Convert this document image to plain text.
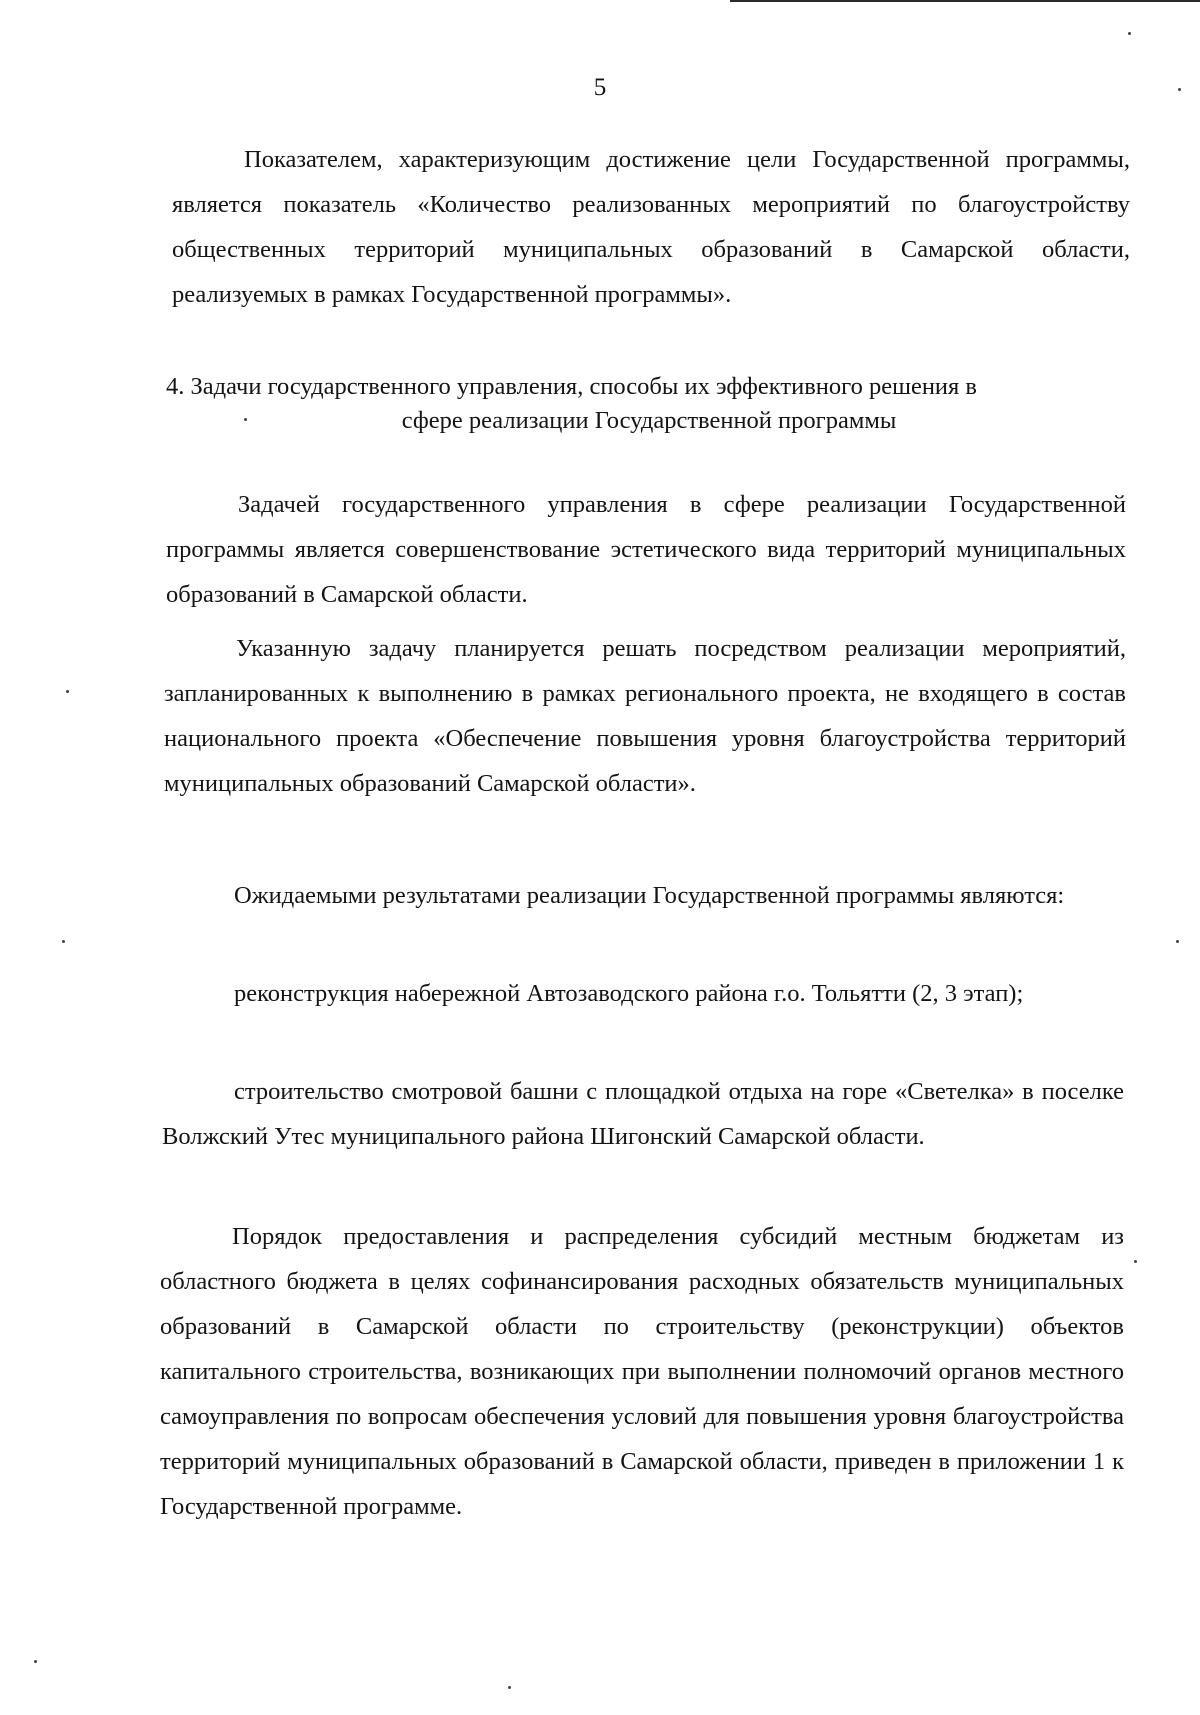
5

Показателем, характеризующим достижение цели Государственной программы, является показатель «Количество реализованных мероприятий по благоустройству общественных территорий муниципальных образований в Самарской области, реализуемых в рамках Государственной программы».

4. Задачи государственного управления, способы их эффективного решения в
сфере реализации Государственной программы

Задачей государственного управления в сфере реализации Государственной программы является совершенствование эстетического вида территорий муниципальных образований в Самарской области.

Указанную задачу планируется решать посредством реализации мероприятий, запланированных к выполнению в рамках регионального проекта, не входящего в состав национального проекта «Обеспечение повышения уровня благоустройства территорий муниципальных образований Самарской области».

Ожидаемыми результатами реализации Государственной программы являются:

реконструкция набережной Автозаводского района г.о. Тольятти (2, 3 этап);

строительство смотровой башни с площадкой отдыха на горе «Светелка» в поселке Волжский Утес муниципального района Шигонский Самарской области.

Порядок предоставления и распределения субсидий местным бюджетам из областного бюджета в целях софинансирования расходных обязательств муниципальных образований в Самарской области по строительству (реконструкции) объектов капитального строительства, возникающих при выполнении полномочий органов местного самоуправления по вопросам обеспечения условий для повышения уровня благоустройства территорий муниципальных образований в Самарской области, приведен в приложении 1 к Государственной программе.
